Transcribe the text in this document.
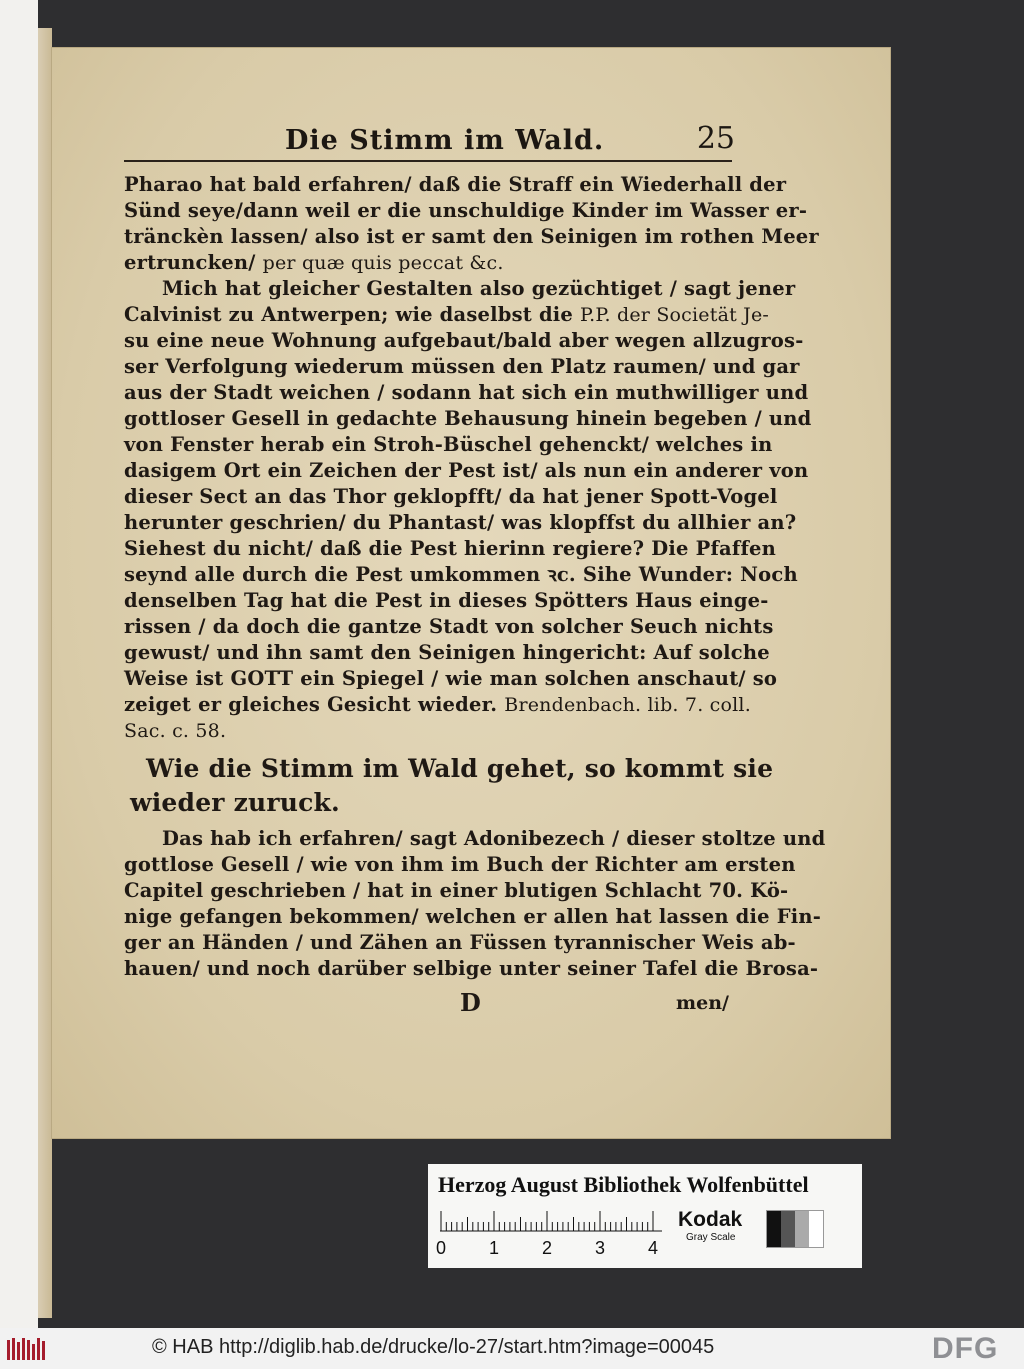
Die Stimm im Wald.	25
Pharao hat bald erfahren/ daß die Straff ein Wiederhall der
Sünd seye/dann weil er die unschuldige Kinder im Wasser er-
tränckèn lassen/ also ist er samt den Seinigen im rothen Meer
ertruncken/ per quæ quis peccat &c.
Mich hat gleicher Gestalten also gezüchtiget / sagt jener
Calvinist zu Antwerpen; wie daselbst die P.P. der Societät Je-
su eine neue Wohnung aufgebaut/bald aber wegen allzugros-
ser Verfolgung wiederum müssen den Platz raumen/ und gar
aus der Stadt weichen / sodann hat sich ein muthwilliger und
gottloser Gesell in gedachte Behausung hinein begeben / und
von Fenster herab ein Stroh-Büschel gehenckt/ welches in
dasigem Ort ein Zeichen der Pest ist/ als nun ein anderer von
dieser Sect an das Thor geklopfft/ da hat jener Spott-Vogel
herunter geschrien/ du Phantast/ was klopffst du allhier an?
Siehest du nicht/ daß die Pest hierinn regiere? Die Pfaffen
seynd alle durch die Pest umkommen ꝛc. Sihe Wunder: Noch
denselben Tag hat die Pest in dieses Spötters Haus einge-
rissen / da doch die gantze Stadt von solcher Seuch nichts
gewust/ und ihn samt den Seinigen hingericht: Auf solche
Weise ist GOTT ein Spiegel / wie man solchen anschaut/ so
zeiget er gleiches Gesicht wieder. Brendenbach. lib. 7. coll.
Sac. c. 58.
Wie die Stimm im Wald gehet, so kommt sie
wieder zuruck.
Das hab ich erfahren/ sagt Adonibezech / dieser stoltze und
gottlose Gesell / wie von ihm im Buch der Richter am ersten
Capitel geschrieben / hat in einer blutigen Schlacht 70. Kö-
nige gefangen bekommen/ welchen er allen hat lassen die Fin-
ger an Händen / und Zähen an Füssen tyrannischer Weis ab-
hauen/ und noch darüber selbige unter seiner Tafel die Brosa-
D	men/
Herzog August Bibliothek Wolfenbüttel
0 1 2 3 4
Kodak
Gray Scale
© HAB http://diglib.hab.de/drucke/lo-27/start.htm?image=00045	DFG
